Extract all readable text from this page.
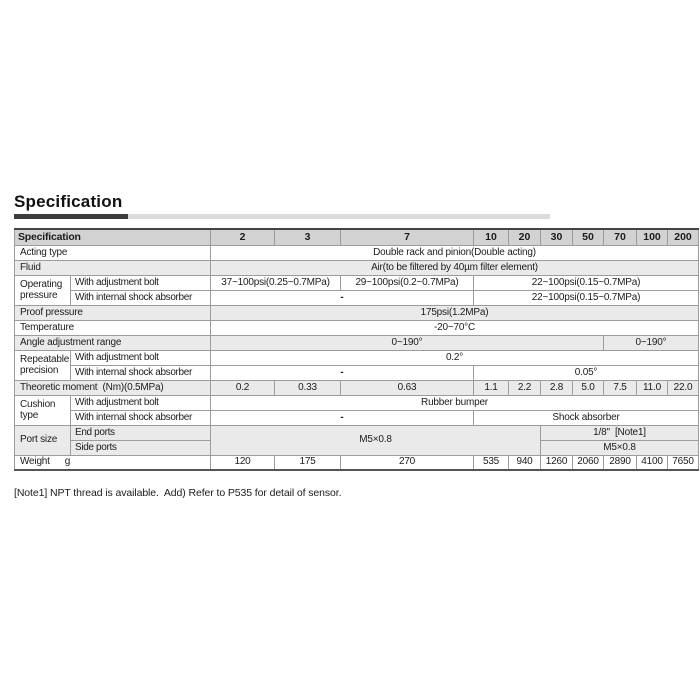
Specification
Specification		2	3	7	10	20	30	50	70	100	200
Acting type		Double rack and pinion(Double acting)									
Fluid		Air(to be filtered by 40µm filter element)									
Operating pressure	With adjustment bolt	37~100psi(0.25~0.7MPa)		29~100psi(0.2~0.7MPa)	22~100psi(0.15~0.7MPa)						
	With internal shock absorber	-			22~100psi(0.15~0.7MPa)						
Proof pressure		175psi(1.2MPa)									
Temperature		-20~70°C									
Angle adjustment range		0~190°							0~190°		
Repeatable precision	With adjustment bolt	0.2°									
	With internal shock absorber	-			0.05°						
Theoretic moment  (Nm)(0.5MPa)		0.2	0.33	0.63	1.1	2.2	2.8	5.0	7.5	11.0	22.0
Cushion type	With adjustment bolt	Rubber bumper									
	With internal shock absorber	-			Shock absorber						
Port size	End ports	M5×0.8					1/8"  [Note1]				
	Side ports						M5×0.8				
Weight g		120	175	270	535	940	1260	2060	2890	4100	7650
[Note1] NPT thread is available.  Add) Refer to P535 for detail of sensor.
